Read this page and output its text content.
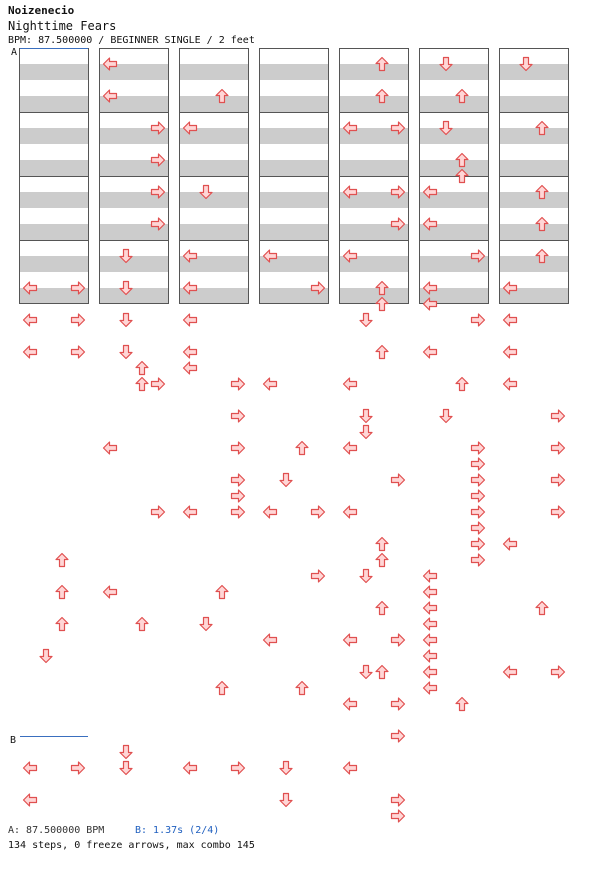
Noizenecio
Nighttime Fears
BPM: 87.500000 / BEGINNER SINGLE / 2 feet
A
B
A: 87.500000 BPM	B: 1.37s (2/4)
134 steps, 0 freeze arrows, max combo 145
